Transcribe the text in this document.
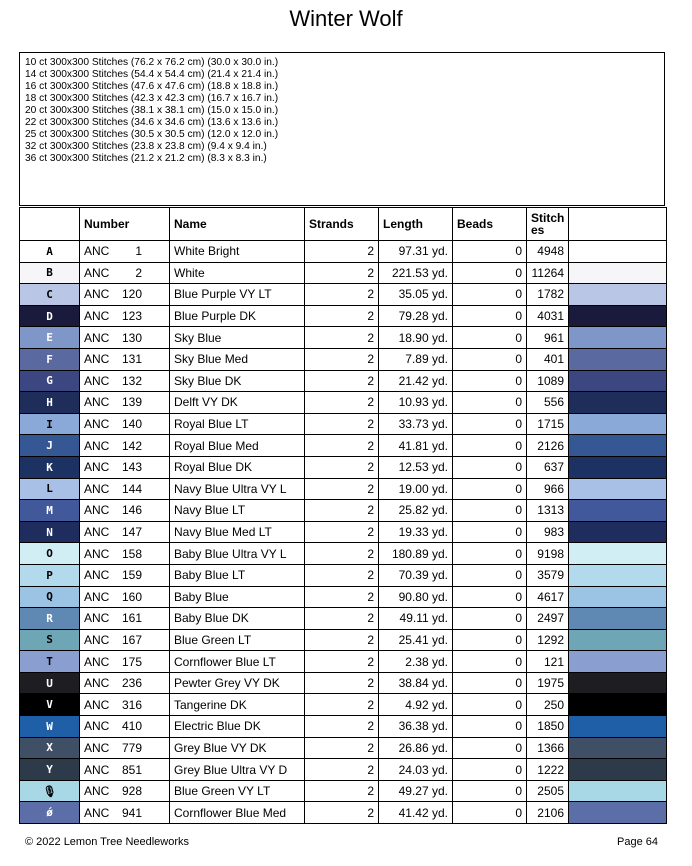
Winter Wolf
10 ct 300x300 Stitches (76.2 x 76.2 cm) (30.0 x 30.0 in.)
14 ct 300x300 Stitches (54.4 x 54.4 cm) (21.4 x 21.4 in.)
16 ct 300x300 Stitches (47.6 x 47.6 cm) (18.8 x 18.8 in.)
18 ct 300x300 Stitches (42.3 x 42.3 cm) (16.7 x 16.7 in.)
20 ct 300x300 Stitches (38.1 x 38.1 cm) (15.0 x 15.0 in.)
22 ct 300x300 Stitches (34.6 x 34.6 cm) (13.6 x 13.6 in.)
25 ct 300x300 Stitches (30.5 x 30.5 cm) (12.0 x 12.0 in.)
32 ct 300x300 Stitches (23.8 x 23.8 cm) (9.4 x 9.4 in.)
36 ct 300x300 Stitches (21.2 x 21.2 cm) (8.3 x 8.3 in.)
	Number	Name	Strands	Length	Beads	Stitch
es	

A	ANC 1	White Bright	2	97.31 yd.	0	4948	
B	ANC 2	White	2	221.53 yd.	0	11264	
C	ANC 120	Blue Purple VY LT	2	35.05 yd.	0	1782	
D	ANC 123	Blue Purple DK	2	79.28 yd.	0	4031	
E	ANC 130	Sky Blue	2	18.90 yd.	0	961	
F	ANC 131	Sky Blue Med	2	7.89 yd.	0	401	
G	ANC 132	Sky Blue DK	2	21.42 yd.	0	1089	
H	ANC 139	Delft VY DK	2	10.93 yd.	0	556	
I	ANC 140	Royal Blue LT	2	33.73 yd.	0	1715	
J	ANC 142	Royal Blue Med	2	41.81 yd.	0	2126	
K	ANC 143	Royal Blue DK	2	12.53 yd.	0	637	
L	ANC 144	Navy Blue Ultra VY L	2	19.00 yd.	0	966	
M	ANC 146	Navy Blue LT	2	25.82 yd.	0	1313	
N	ANC 147	Navy Blue Med LT	2	19.33 yd.	0	983	
O	ANC 158	Baby Blue Ultra VY L	2	180.89 yd.	0	9198	
P	ANC 159	Baby Blue LT	2	70.39 yd.	0	3579	
Q	ANC 160	Baby Blue	2	90.80 yd.	0	4617	
R	ANC 161	Baby Blue DK	2	49.11 yd.	0	2497	
S	ANC 167	Blue Green LT	2	25.41 yd.	0	1292	
T	ANC 175	Cornflower Blue LT	2	2.38 yd.	0	121	
U	ANC 236	Pewter Grey VY DK	2	38.84 yd.	0	1975	
V	ANC 316	Tangerine DK	2	4.92 yd.	0	250	
W	ANC 410	Electric Blue DK	2	36.38 yd.	0	1850	
X	ANC 779	Grey Blue VY DK	2	26.86 yd.	0	1366	
Y	ANC 851	Grey Blue Ultra VY D	2	24.03 yd.	0	1222	
🎙	ANC 928	Blue Green VY LT	2	49.27 yd.	0	2505	
ǿ	ANC 941	Cornflower Blue Med	2	41.42 yd.	0	2106	
© 2022 Lemon Tree Needleworks	Page 64
